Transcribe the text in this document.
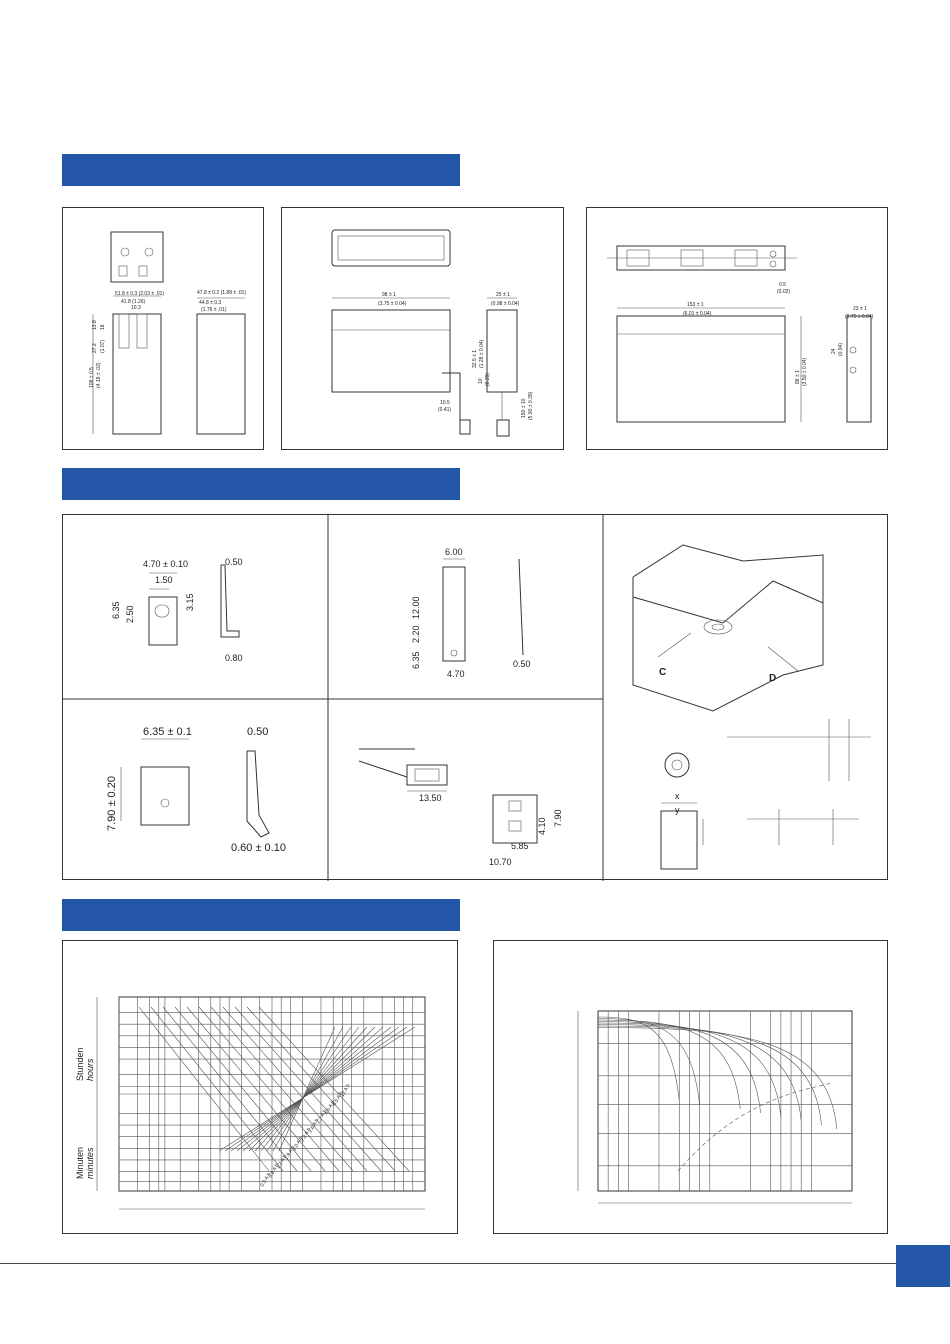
51.8 ± 0.3 (2.03 ± .01)
41.8 (1.26)
10.3
47.8 ± 0.2 (1.88 ± .01)
44.8 ± 0.3
(1.76 ± .01)
108 ± 0.5 (4.19 ± .02)
13.8 18
27.2 (1.07)
98 ± 1
(3.75 ± 0.04)
25 ± 1
(0.98 ± 0.04)
32.5 ± 1 (1.28 ± 0.04)
150 ± 10 (5.90 ± 0.39)
10.5
(0.41)
10 (0.39)
0.5
(0.02)
153 ± 1
(6.01 ± 0.04)
23 ± 1
(0.75 ± 0.04)
88 ± 1 (3.50 ± 0.04)
24 (0.94)
4.70 ± 0.10
1.50
0.50
6.35 2.50
3.15
0.80
6.00
12.00
2.20
6.35
4.70
0.50
6.35 ± 0.1	0.50
7.90 ± 0.20
0.60 ± 0.10
13.50
4.10 7.90
5.85
10.70
C
D
x
y
Stunden hours
Minuten minutes
0.5 A h
0.8 A h
1.2 A h
1.9 A h
2.0 A h
2.2 A h
2.6 A h
2.7 A h
4.0 A h
6.5 A h
12 A h
